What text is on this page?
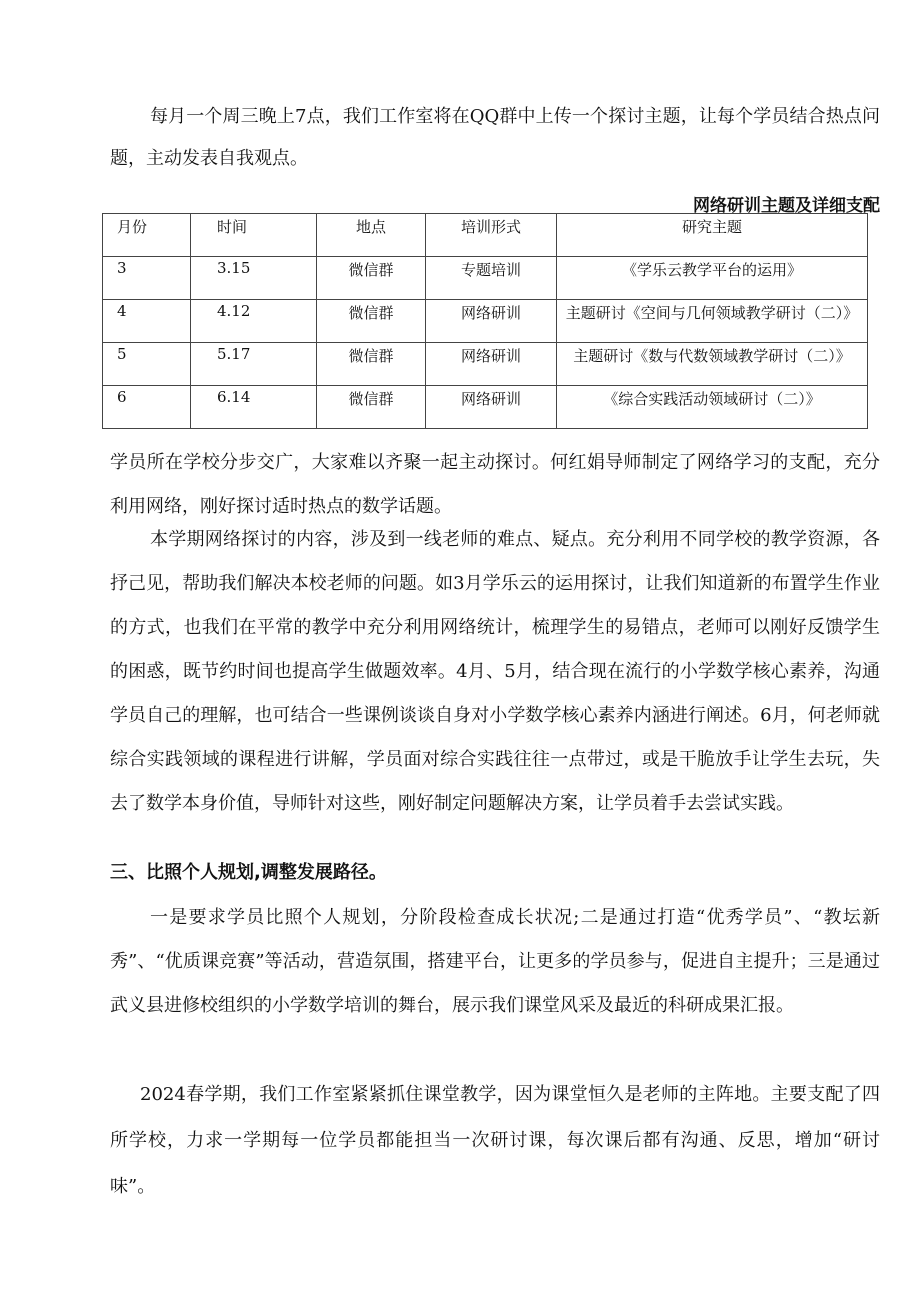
每月一个周三晚上7点，我们工作室将在QQ群中上传一个探讨主题，让每个学员结合热点问题，主动发表自我观点。

网络研训主题及详细支配
月份	时间	地点	培训形式	研究主题
3	3.15	微信群	专题培训	《学乐云教学平台的运用》
4	4.12	微信群	网络研训	主题研讨《空间与几何领域教学研讨（二）》
5	5.17	微信群	网络研训	主题研讨《数与代数领域教学研讨（二）》
6	6.14	微信群	网络研训	《综合实践活动领域研讨（二）》

学员所在学校分步交广，大家难以齐聚一起主动探讨。何红娟导师制定了网络学习的支配，充分利用网络，刚好探讨适时热点的数学话题。

本学期网络探讨的内容，涉及到一线老师的难点、疑点。充分利用不同学校的教学资源，各抒己见，帮助我们解决本校老师的问题。如3月学乐云的运用探讨，让我们知道新的布置学生作业的方式，也我们在平常的教学中充分利用网络统计，梳理学生的易错点，老师可以刚好反馈学生的困惑，既节约时间也提高学生做题效率。4月、5月，结合现在流行的小学数学核心素养，沟通学员自己的理解，也可结合一些课例谈谈自身对小学数学核心素养内涵进行阐述。6月，何老师就综合实践领域的课程进行讲解，学员面对综合实践往往一点带过，或是干脆放手让学生去玩，失去了数学本身价值，导师针对这些，刚好制定问题解决方案，让学员着手去尝试实践。

三、比照个人规划,调整发展路径。

一是要求学员比照个人规划，分阶段检查成长状况;二是通过打造“优秀学员”、“教坛新秀”、“优质课竞赛”等活动，营造氛围，搭建平台，让更多的学员参与，促进自主提升；三是通过武义县进修校组织的小学数学培训的舞台，展示我们课堂风采及最近的科研成果汇报。

2024春学期，我们工作室紧紧抓住课堂教学，因为课堂恒久是老师的主阵地。主要支配了四所学校，力求一学期每一位学员都能担当一次研讨课，每次课后都有沟通、反思，增加“研讨味”。
